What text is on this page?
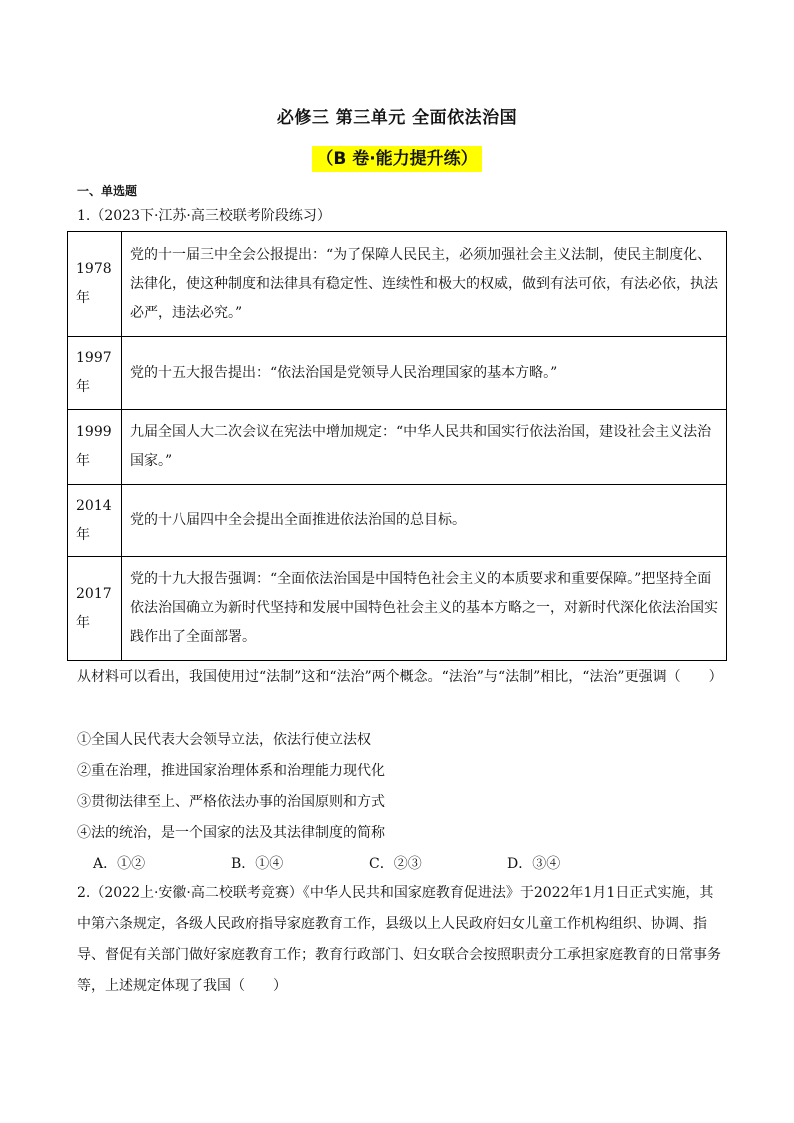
必修三 第三单元 全面依法治国
（B 卷·能力提升练）
一、单选题
1.（2023下·江苏·高三校联考阶段练习）
1978年	党的十一届三中全会公报提出：“为了保障人民民主，必须加强社会主义法制，使民主制度化、法律化，使这种制度和法律具有稳定性、连续性和极大的权威，做到有法可依，有法必依，执法必严，违法必究。”
1997年	党的十五大报告提出：“依法治国是党领导人民治理国家的基本方略。”
1999年	九届全国人大二次会议在宪法中增加规定：“中华人民共和国实行依法治国，建设社会主义法治国家。”
2014年	党的十八届四中全会提出全面推进依法治国的总目标。
2017年	党的十九大报告强调：“全面依法治国是中国特色社会主义的本质要求和重要保障。”把坚持全面依法治国确立为新时代坚持和发展中国特色社会主义的基本方略之一，对新时代深化依法治国实践作出了全面部署。
从材料可以看出，我国使用过“法制”这和“法治”两个概念。“法治”与“法制”相比，“法治”更强调（　　）
①全国人民代表大会领导立法，依法行使立法权
②重在治理，推进国家治理体系和治理能力现代化
③贯彻法律至上、严格依法办事的治国原则和方式
④法的统治，是一个国家的法及其法律制度的简称
A．①②	B．①④	C．②③	D．③④
2.（2022上·安徽·高二校联考竞赛）《中华人民共和国家庭教育促进法》于2022年1月1日正式实施，其中第六条规定，各级人民政府指导家庭教育工作，县级以上人民政府妇女儿童工作机构组织、协调、指导、督促有关部门做好家庭教育工作；教育行政部门、妇女联合会按照职责分工承担家庭教育的日常事务等，上述规定体现了我国（　　）
